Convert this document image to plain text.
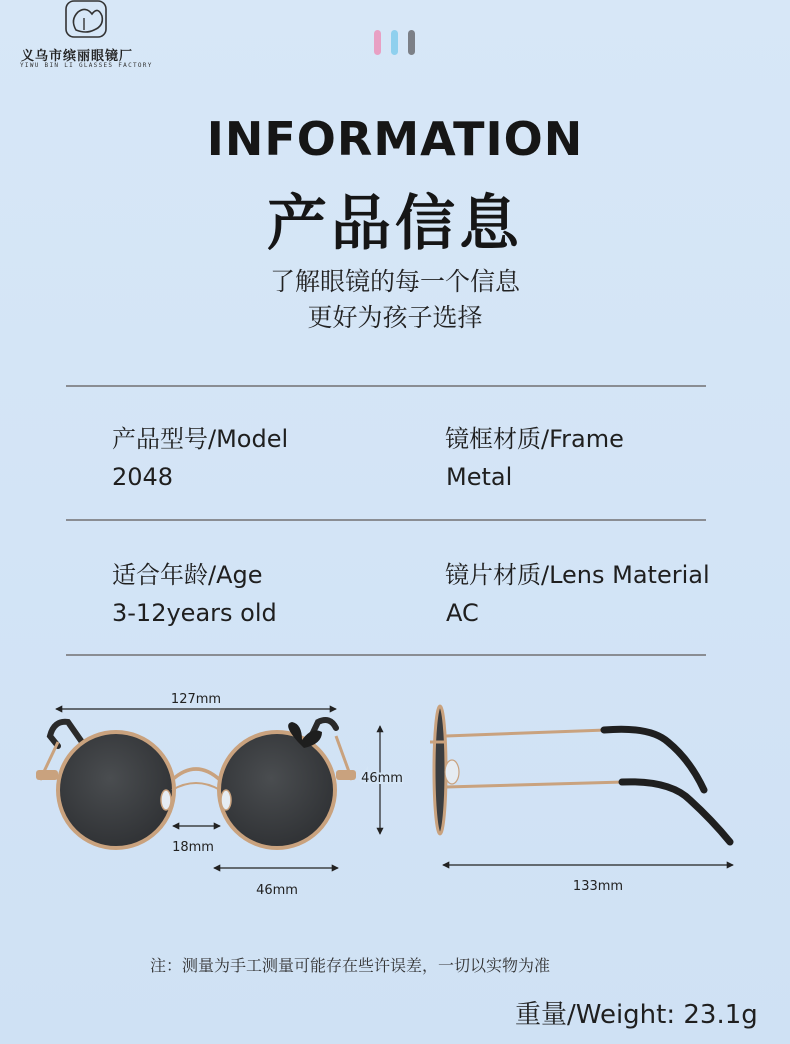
义乌市缤丽眼镜厂
YIWU BIN LI GLASSES FACTORY
INFORMATION
产品信息
了解眼镜的每一个信息
更好为孩子选择
产品型号/Model
2048
镜框材质/Frame
Metal
适合年龄/Age
3-12years old
镜片材质/Lens Material
AC
127mm
18mm
46mm
46mm
133mm
注：测量为手工测量可能存在些许误差，一切以实物为准
重量/Weight: 23.1g
